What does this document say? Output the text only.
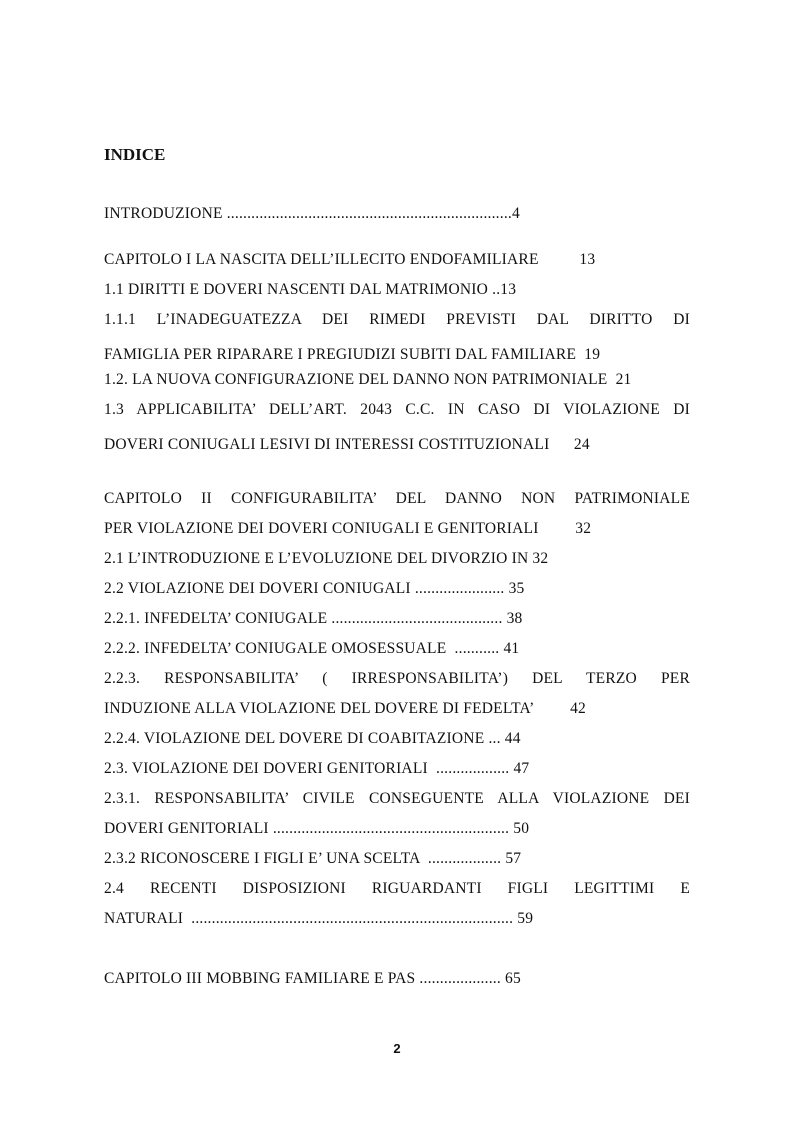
INDICE
INTRODUZIONE ......................................................................4
CAPITOLO I LA NASCITA DELL’ILLECITO ENDOFAMILIARE	13
1.1 DIRITTI E DOVERI NASCENTI DAL MATRIMONIO ..13
1.1.1 L’INADEGUATEZZA DEI RIMEDI PREVISTI DAL DIRITTO DI
FAMIGLIA PER RIPARARE I PREGIUDIZI SUBITI DAL FAMILIARE 19
1.2. LA NUOVA CONFIGURAZIONE DEL DANNO NON PATRIMONIALE 21
1.3 APPLICABILITA’ DELL’ART. 2043 C.C. IN CASO DI VIOLAZIONE DI
DOVERI CONIUGALI LESIVI DI INTERESSI COSTITUZIONALI 24
CAPITOLO II CONFIGURABILITA’ DEL DANNO NON PATRIMONIALE
PER VIOLAZIONE DEI DOVERI CONIUGALI E GENITORIALI 32
2.1 L’INTRODUZIONE E L’EVOLUZIONE DEL DIVORZIO IN 32
2.2 VIOLAZIONE DEI DOVERI CONIUGALI ...................... 35
2.2.1. INFEDELTA’ CONIUGALE .......................................... 38
2.2.2. INFEDELTA’ CONIUGALE OMOSESSUALE ........... 41
2.2.3. RESPONSABILITA’ ( IRRESPONSABILITA’) DEL TERZO PER
INDUZIONE ALLA VIOLAZIONE DEL DOVERE DI FEDELTA’ 42
2.2.4. VIOLAZIONE DEL DOVERE DI COABITAZIONE ... 44
2.3. VIOLAZIONE DEI DOVERI GENITORIALI .................. 47
2.3.1. RESPONSABILITA’ CIVILE CONSEGUENTE ALLA VIOLAZIONE DEI
DOVERI GENITORIALI .......................................................... 50
2.3.2 RICONOSCERE I FIGLI E’ UNA SCELTA .................. 57
2.4 RECENTI DISPOSIZIONI RIGUARDANTI FIGLI LEGITTIMI E
NATURALI ............................................................................... 59
CAPITOLO III MOBBING FAMILIARE E PAS .................... 65
2
